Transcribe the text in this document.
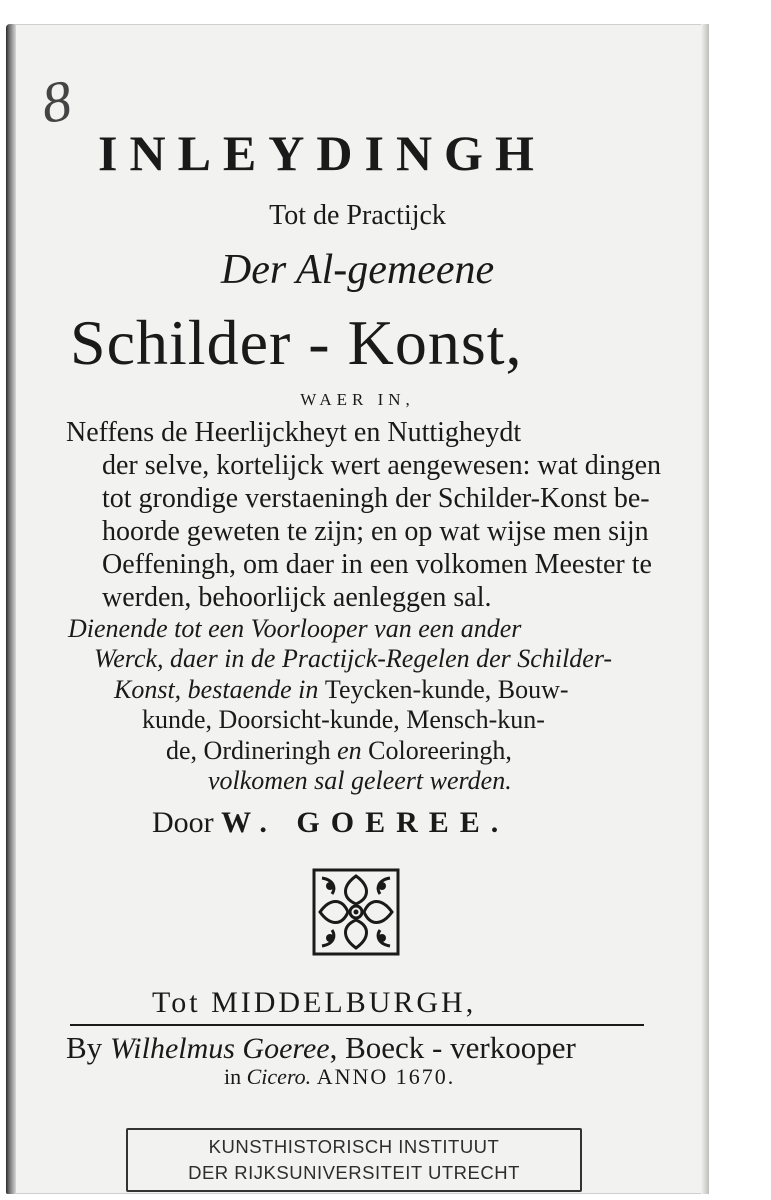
8
INLEYDINGH
Tot de Practijck
Der Al-gemeene
Schilder - Konst,
WAER IN,
Neffens de Heerlijckheyt en Nuttigheydt
der selve, kortelijck wert aengewesen: wat dingen
tot grondige verstaeningh der Schilder-Konst be-
hoorde geweten te zijn; en op wat wijse men sijn
Oeffeningh, om daer in een volkomen Meester te
werden, behoorlijck aenleggen sal.
Dienende tot een Voorlooper van een ander
Werck, daer in de Practijck-Regelen der Schilder-
Konst, bestaende in Teycken-kunde, Bouw-
kunde, Doorsicht-kunde, Mensch-kun-
de, Ordineringh en Coloreeringh,
volkomen sal geleert werden.
Door W. GOEREE.
Tot MIDDELBURGH,
By Wilhelmus Goeree, Boeck - verkooper
in Cicero. ANNO 1670.
KUNSTHISTORISCH INSTITUUT
DER RIJKSUNIVERSITEIT UTRECHT
